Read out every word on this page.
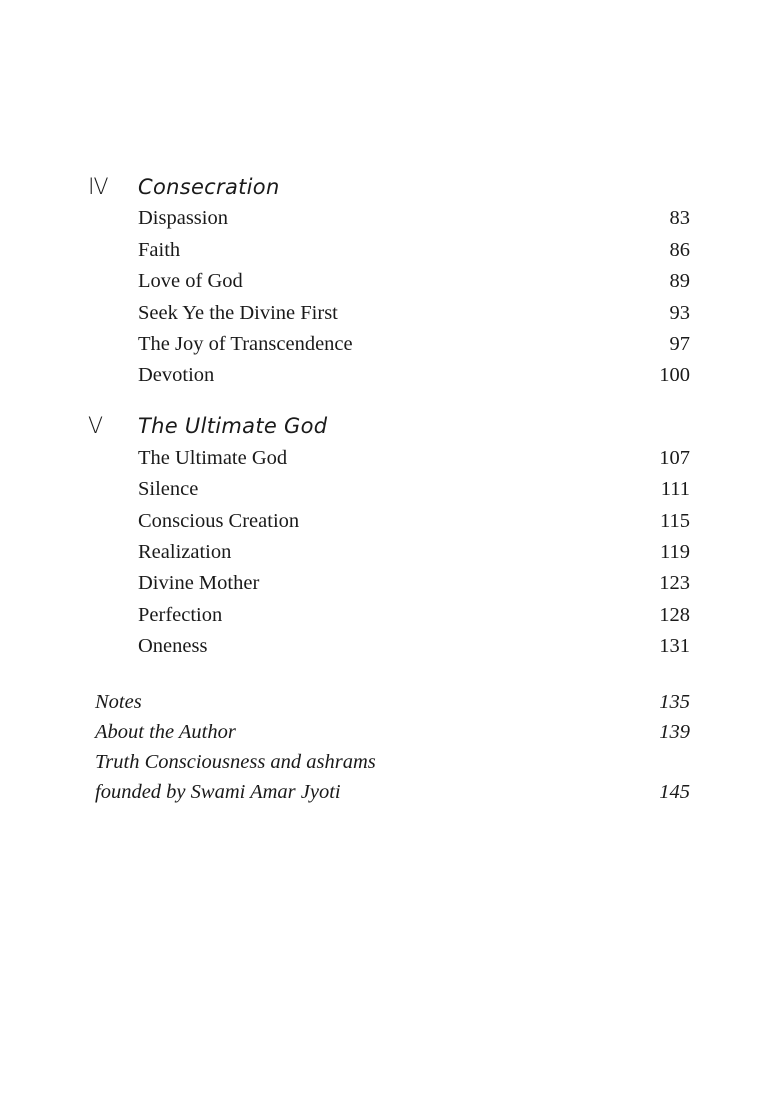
IV Consecration
Dispassion	83
Faith	86
Love of God	89
Seek Ye the Divine First	93
The Joy of Transcendence	97
Devotion	100
V The Ultimate God
The Ultimate God	107
Silence	111
Conscious Creation	115
Realization	119
Divine Mother	123
Perfection	128
Oneness	131
Notes	135
About the Author	139
Truth Consciousness and ashrams
founded by Swami Amar Jyoti	145
